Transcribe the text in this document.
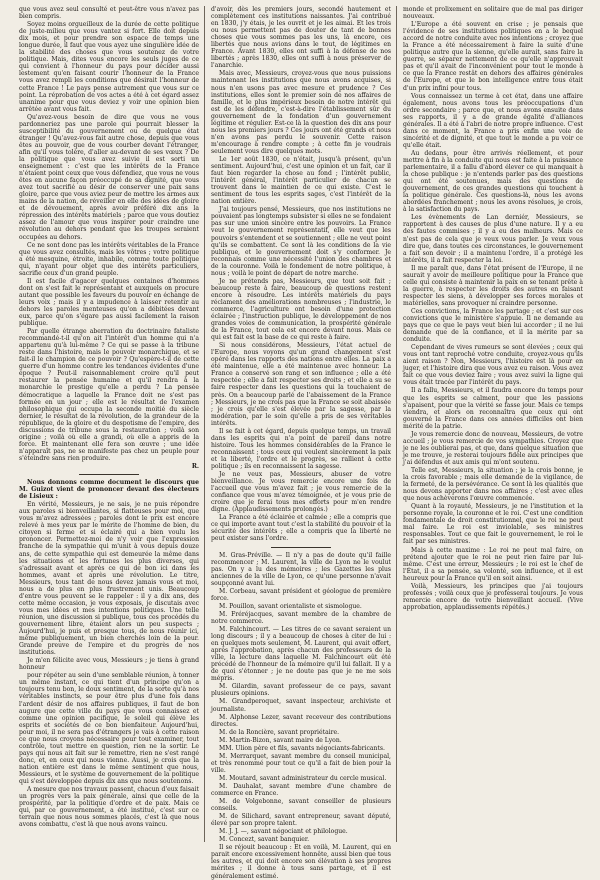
que vous avez seul consulté et peut-être vous n'avez pas bien compris.

Soyez moins orgueilleux de la durée de cette politique de juste-milieu que vous vantez si fort. Elle doit depuis dix mois, et pour prendre son espace de temps une longue durée, il faut que vous ayez une singulière idée de la stabilité des choses que vous soutenez de votre politique. Mais, dites vous encore les seuls juges de ce qui convient à l'honneur du pays pour décider aussi lestement qu'en faisant courir l'honneur de la France vous avez rempli les conditions que désirait l'honneur de cette France ! Le pays pense autrement que vous sur ce point. La réprobation de vos actes a été à cet égard assez unanime pour que vous deviez y voir une opinion bien arrêtée avant vous fait.

Qu'avez-vous besoin de dire que vous ne vous pardonneriez pas une parole qui pourrait blesser la susceptibilité du gouvernement ou de quelque état étranger ! Qu'avez-vous fait autre chose, depuis que vous êtes au pouvoir, que de vous courber devant l'étranger, afin qu'il vous tolère, d'aller au-devant de ses vœux ? De la politique que vous avez suivie il est sorti un enseignement : c'est que les intérêts de la France n'étaient point ceux que vous défendiez, que vous ne vous êtes en aucune façon préoccupé de sa dignité, que vous avez tout sacrifié au désir de conserver une paix sans gloire, parce que vous aviez peur de mettre les armes aux mains de la nation, de réveiller en elle des idées de gloire et de dévouement, après avoir préféré dix ans la répression des intérêts matériels ; parce que vous doutiez assez de l'amour que vous inspirer pour craindre une révolution au dehors pendant que les troupes seraient occupées au dehors.

Ce ne sont donc pas les intérêts véritables de la France que vous avez consultés, mais les vôtres ; votre politique a été mesquine, étroite, inhabile, comme toute politique qui, n'ayant pour objet que des intérêts particuliers, sacrifie ceux d'un grand peuple.

Il est facile d'agacer quelques centaines d'hommes dont on s'est fait le représentant et auxquels on procure autant que possible les faveurs du pouvoir en échange de leurs voix ; mais il y a impudence à laisser retentir au dehors les paroles menteuses qu'on a débitées devant eux, parce qu'on s'égare pas aussi facilement la raison publique.

Par quelle étrange aberration du doctrinaire fataliste recommandé-t-il qu'on ait l'intérêt d'un homme qui n'a appartenu qu'à lui-même ? Ce qui se passe à la tribune reste dans l'histoire, mais le pouvoir monarchique, et se fait-il le champion de ce pouvoir ? Qu'espère-t-il de cette guerre d'un homme contre les tendances évidentes d'une époque ? Peut-il raisonnablement croire qu'il peut restaurer la pensée humaine et qu'il rendra à la monarchie le prestige qu'elle a perdu ? La pensée démocratique a laquelle la France doit ne s'est pas formée en un jour ; elle est le résultat de l'examen philosophique qui occupa la seconde moitié du siècle dernier, le résultat de la révolution, de la grandeur de la république, de la gloire et du despotisme de l'empire, des discussions de tribune sous la restauration ; voilà son origine ; voilà où elle a grandi, où elle a appris de la force. Et maintenant elle fera son œuvre ; une idée n'apparaît pas, ne se manifeste pas chez un peuple pour s'éteindre sans rien produire.

R.

Nous donnons comme document le discours que M. Guizot vient de prononcer devant des électeurs de Lisieux :

En vérité, Messieurs, je ne sais, je ne puis répondre aux paroles si bienveillantes, si flatteuses pour moi, que vous m'avez adressées ; paroles dont le prix est encore relevé à mes yeux par le mérite de l'homme de bien, du citoyen si ferme et si éclairé qui a bien voulu les prononcer. Permettez-moi de n'y voir que l'expression franche de la sympathie qui m'unit à vous depuis douze ans, de cette sympathie qui est demeurée la même dans les situations et les fortunes les plus diverses, qui s'adressait avant et après ce qui de bon ici dans les hommes, avant et après une révolution. Le titre, Messieurs, tous tant de nous devez jamais vous et moi, nous a de plus en plus frustrement unis. Beaucoup d'entre vous peuvent se le rappeler : il y a dix ans, des cette même occasion, je vous exposais, je discutais avec vous mes idées et mes intentions politiques. Une telle réunion, une discussion si publique, tous ces procédés du gouvernement libre, étaient alors un peu suspects ; Aujourd'hui, je puis et presque tous, de nous réunir ici, même publiquement, un bien cherchés loin de la peur. Grande preuve de l'empire et du progrès de nos institutions.

Je m'en félicite avec vous, Messieurs ; je tiens à grand honneur

pour répéter au sein d'une semblable réunion, à tonner un même instant, ce qui tient d'un principe qu'on a toujours tenu bon, le doux sentiment, de la sorte qu'à nos véritables instincts, se pour être plus d'une fois dans l'ardent désir de nos affaires publiques, il faut de bon augure que cette ville du pays que vous connaissez et comme une opinion pacifique, le soleil qui élève les esprits et sociétés de ce bon bienfaiteur. Aujourd'hui, pour moi, il ne sera pas d'étrangers je vais à cette raison ce que nous croyons nécessaire pour tout examiner, tout contrôle, tout mettre en question, rien ne la sortir. Le pays qui nous ait fait sur le remettre, rien ne s'est rangé donc, et, en ceux qui nous vienne. Aussi, je crois que la nation entière est dans le même sentiment que nous, Messieurs, et le système de gouvernement de la politique qui s'est développée depuis dix ans que nous soutenons.

A mesure que nos travaux passent, chacun d'eux faisait un progrès vers la paix générale, ainsi que celle de la prospérité, par la politique d'ordre et de paix. Mais ce qui, par ce gouvernement, a été institué, c'est sur ce terrain que nous nous sommes placés, c'est là que nous avons combattu, c'est là que nous avons vaincu.

d'avoir, dès les premiers jours, secondé hautement et complètement ces institutions naissantes. J'ai contribué en 1830, j'y étais, je les ouvrit et je les aimai. Et les trois ou nous permettent pas de douter de tant de bonnes choses que vous sommes pas les uns, là encore, ces libertés que nous avions dans le tout, de légitimes en France. Avant 1830, elles ont suffi à la défense de nos libertés ; après 1830, elles ont suffi à nous préserver de l'anarchie.

Mais avec, Messieurs, croyez-vous que nous puissions maintenant les institutions que nous avons acquises, si nous n'en usons pas avec mesure et prudence ? Ces institutions, elles sont le premier soin de nos affaires de famille, et le plus impérieux besoin de notre intérêt qui est de les défendre, c'est-à-dire l'établissement sûr du gouvernement de la fondation d'un gouvernement légitime et régulier. Est-ce là la question des dix ans pour nous les premiers jours ? Ces jours ont été grands et nous n'en avons pas perdu le souvenir. Cette raison m'encourage à rendre compte ; à cette fin je voudrais seulement vous dire quelques mots.

Le 1er août 1830, ce n'était, jusqu'à présent, qu'un sentiment. Aujourd'hui, c'est une opinion et un fait, car il faut bien regarder la chose au fond ; l'intérêt public, l'intérêt général, l'intérêt particulier de chacun se trouvent dans le maintien de ce qui existe. C'est le sentiment de tous les esprits sages, c'est l'intérêt de la nation entière.

J'ai toujours pensé, Messieurs, que nos institutions ne pouvaient pas longtemps subsister si elles ne se fondaient pas sur une union sincère entre les pouvoirs. La France veut le gouvernement représentatif, elle veut que les pouvoirs s'entendent et se soutiennent ; elle ne veut point qu'ils se combattent. Ce sont là les conditions de la vie publique, et le gouvernement doit s'y conformer. Je reconnais comme une nécessité l'union des chambres et de la couronne. Voilà le fondement de notre politique, à nous ; voilà le point de départ de notre marche.

Je ne prétends pas, Messieurs, que tout soit fait ; beaucoup reste à faire, beaucoup de questions restent encore à résoudre. Les intérêts matériels du pays réclament des améliorations nombreuses ; l'industrie, le commerce, l'agriculture ont besoin d'une protection éclairée ; l'instruction publique, le développement de nos grandes voies de communication, la prospérité générale de la France, tout cela est encore devant nous. Mais ce qui est fait est la base de ce qui reste à faire.

Si nous considérons, Messieurs, l'état actuel de l'Europe, nous voyons qu'un grand changement s'est opéré dans les rapports des nations entre elles. La paix a été maintenue, elle a été maintenue avec honneur. La France a conservé son rang et son influence ; elle a été respectée ; elle a fait respecter ses droits ; et elle a su se faire respecter dans les questions qui la touchaient de près. On a beaucoup parlé de l'abaissement de la France ; Messieurs, je ne crois pas que la France se soit abaissée ; je crois qu'elle s'est élevée par la sagesse, par la modération, par le soin qu'elle a pris de ses véritables intérêts.

Il se fait à cet égard, depuis quelque temps, un travail dans les esprits qui n'a point de pareil dans notre histoire. Tous les hommes considérables de la France le reconnaissent ; tous ceux qui veulent sincèrement la paix et la liberté, l'ordre et le progrès, se rallient à cette politique ; ils en reconnaissent la sagesse.

Je ne veux pas, Messieurs, abuser de votre bienveillance. Je vous remercie encore une fois de l'accueil que vous m'avez fait ; je vous remercie de la confiance que vous m'avez témoignée, et je vous prie de croire que je ferai tous mes efforts pour m'en rendre digne. (Applaudissements prolongés.)

La France a été éclairée et calmée ; elle a compris que ce qui importe avant tout c'est la stabilité du pouvoir et la sécurité des intérêts ; elle a compris que la liberté ne peut exister sans l'ordre.

M. Gras-Préville. — Il n'y a pas de doute qu'il faille recommencer ; M. Laurent, la ville de Lyon ne le voulut pas. On y a lu des mémoires ; les Gazettes les plus anciennes de la ville de Lyon, ce qu'une personne n'avait soupçonné avant lui.

M. Corbeau, savant président et géologue de première force.

M. Pouillon, savant orientaliste et sismologue.

M. Fréréjacques, savant membre de la chambre de notre commerce.

M. Falchincourt. — Les titres de ce savant seraient un long discours ; il y a beaucoup de choses à citer de lui : en quelques mots seulement, M. Laurent, qui avait offert, après l'approbation, après chacun des professeurs de la ville, la lecture dans laquelle M. Falchincourt eût été précédé de l'honneur de la mémoire qu'il lui fallait. Il y a de quoi s'étonner ; je ne doute pas que je ne me sois mépris.

M. Gilardin, savant professeur de ce pays, savant plusieurs opinions.

M. Grandperoquet, savant inspecteur, archiviste et journaliste.

M. Alphonse Lezer, savant receveur des contributions directes.

M. de la Roncière, savant propriétaire.

M. Martin-Bizon, savant maire de Lyon.

MM. Ulion père et fils, savants négociants-fabricants.

M. Merrarquet, savant membre du conseil municipal, et très renommé pour tout ce qu'il a fait de bien pour la ville.

M. Moutard, savant administrateur du cercle musical.

M. Dauhalat, savant membre d'une chambre de commerce en France.

M. de Volgebonne, savant conseiller de plusieurs conseils.

M. de Silichard, savant entrepreneur, savant député, élevé par son propre talent.

M. J. J. —, savant négociant et philologue.

M. Concezt, savant banquier.

Il se réjouit beaucoup : Et en voilà, M. Laurent, qui en parait encore excessivement honnête, aussi bien que tous les autres, et qui doit encore son élévation à ses propres mérites ; il donne à tous sans partage, et il est généralement estimé.

monde et prolixement en solitaire que de mal pas diriger nouveaux.

L'Europe a été souvent en crise ; je pensais que l'évidence de ses institutions politiques en a le bequel accord de notre conduite avec nos intentions ; croyez que la France a été nécessairement à faire la suite d'une politique autre que la sienne, qu'elle aurait, sans faire la guerre, se séparer nettement de ce qu'elle n'approuvait pas et qu'il avait de l'inconvénient pour tout le monde à ce que la France restât en dehors des affaires générales de l'Europe, et que le bon intelligence entre tous était d'un prix infini pour tous.

Vous connaissez un terme à cet état, dans une affaire également, nous avons tous les préoccupations d'un ordre secondaire ; parce que, et nous avons ensuite dans ses rapports, il y a de grande égalité d'alliances générales. Il a été à l'abri de notre propre influence. C'est dans ce moment, la France a pris enfin une voie de sincérité et de dignité, et que tout le monde a pu voir ce qu'elle était.

Au dedans, pour être arrivés réellement, et pour mettre à fin à la conduite qui nous est faite à la puissance parlementaire, il a fallu d'abord élever ce qui manquait à la chose publique : je n'entends parler pas des questions qui ont été soutenues, mais des questions de gouvernement, de ces grandes questions qui touchent à la politique générale. Ces questions-là, nous les avons abordées franchement ; nous les avons résolues, je crois, à la satisfaction du pays.

Les évènements de Lan derniér, Messieurs, se rapportent à des causes de plus d'une nature. Il y a eu des fautes commises ; il y a eu des malheurs. Mais ce n'est pas de cela que je veux vous parler. Je veux vous dire que, dans toutes ces circonstances, le gouvernement a fait son devoir ; il a maintenu l'ordre, il a protégé les intérêts, il a fait respecter la loi.

Il me paraît que, dans l'état présent de l'Europe, il ne saurait y avoir de meilleure politique pour la France que celle qui consiste à maintenir la paix en se tenant prête à la guerre, à respecter les droits des autres en faisant respecter les siens, à développer ses forces morales et matérielles, sans provoquer ni craindre personne.

Ces convictions, la France les partage ; et c'est sur ces convictions que le ministère s'appuie. Il ne demande au pays que ce que le pays veut bien lui accorder ; il ne lui demande que de la confiance, et il la mérite par sa conduite.

Cependant de vives rumeurs se sont élevées ; ceux qui vous ont tant reproché votre conduite, croyez-vous qu'ils aient raison ? Non, Messieurs, l'histoire est là pour en juger, et l'histoire dira que vous avez eu raison. Vous avez fait ce que vous deviez faire ; vous avez suivi la ligne qui vous était tracée par l'intérêt du pays.

Il a fallu, Messieurs, et il faudra encore du temps pour que les esprits se calment, pour que les passions s'apaisent, pour que la vérité se fasse jour. Mais ce temps viendra, et alors on reconnaîtra que ceux qui ont gouverné la France dans ces années difficiles ont bien mérité de la patrie.

Je vous remercie donc de nouveau, Messieurs, de votre accueil ; je vous remercie de vos sympathies. Croyez que je ne les oublierai pas, et que, dans quelque situation que je me trouve, je resterai toujours fidèle aux principes que j'ai défendus et aux amis qui m'ont soutenu.

Telle est, Messieurs, la situation ; je la crois bonne, je la crois favorable ; mais elle demande de la vigilance, de la fermeté, de la persévérance. Ce sont là les qualités que nous devons apporter dans nos affaires ; c'est avec elles que nous achèverons l'œuvre commencée.

Quant à la royauté, Messieurs, je ne l'institution et la personne royale, la couronne et le roi. C'est une condition fondamentale de droit constitutionnel, que le roi ne peut mal faire. Le roi est inviolable, ses ministres responsables. Tout ce que fait le gouvernement, le roi le fait par ses ministres.

Mais à cette maxime : Le roi ne peut mal faire, on prétend ajouter que le roi ne peut rien faire par lui-même. C'est une erreur, Messieurs ; le roi est le chef de l'État, il a sa pensée, sa volonté, son influence, et il est heureux pour la France qu'il en soit ainsi.

Voilà, Messieurs, les principes que j'ai toujours professés ; voilà ceux que je professerai toujours. Je vous remercie encore de votre bienveillant accueil. (Vive approbation, applaudissements répétés.)
